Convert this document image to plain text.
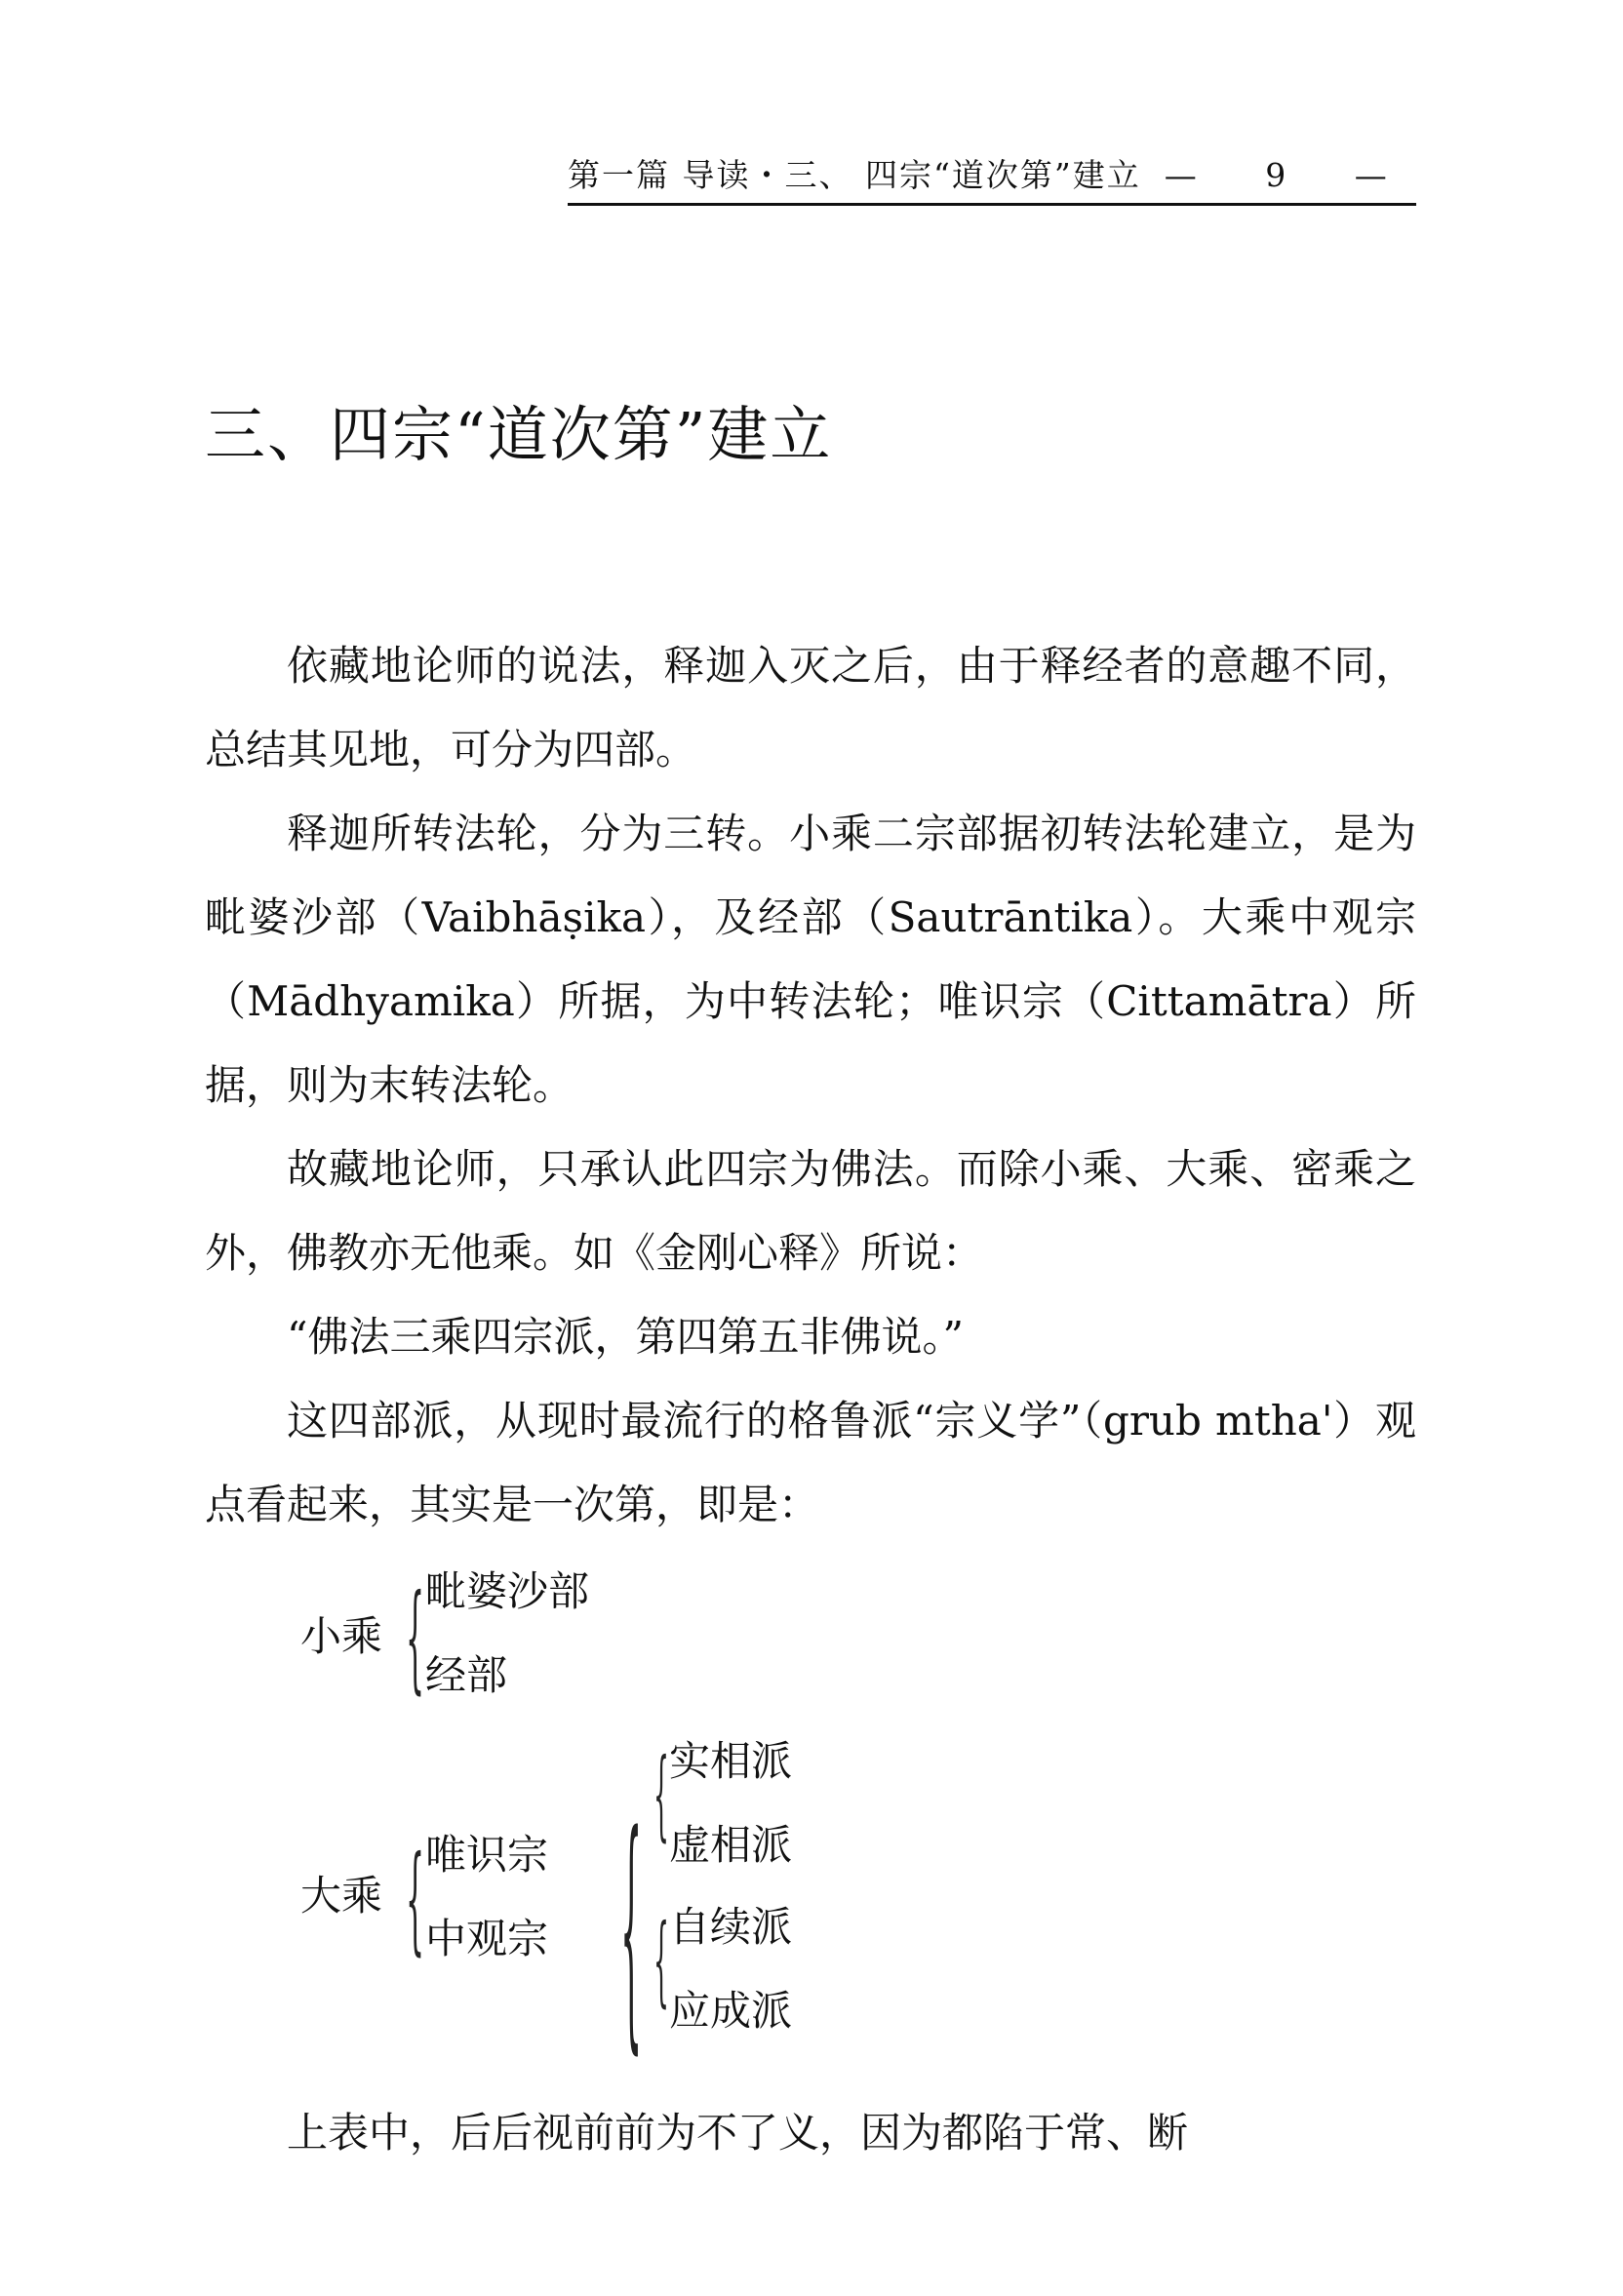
第一篇 导读・三、 四宗“道次第”建立 — 9 —
三、四宗“道次第”建立

依藏地论师的说法，释迦入灭之后，由于释经者的意趣不同，总结其见地，可分为四部。

释迦所转法轮，分为三转。小乘二宗部据初转法轮建立，是为毗婆沙部（Vaibhāṣika），及经部（Sautrāntika）。大乘中观宗（Mādhyamika）所据，为中转法轮；唯识宗（Cittamātra）所据，则为末转法轮。

故藏地论师，只承认此四宗为佛法。而除小乘、大乘、密乘之外，佛教亦无他乘。如《金刚心释》所说：

“佛法三乘四宗派，第四第五非佛说。”

这四部派，从现时最流行的格鲁派“宗义学”（grub mtha'）观点看起来，其实是一次第，即是：

小乘 { 毗婆沙部
经部
大乘 { 唯识宗
中观宗 { { 实相派
虚相派
{ 自续派
应成派

上表中，后后视前前为不了义，因为都陷于常、断
